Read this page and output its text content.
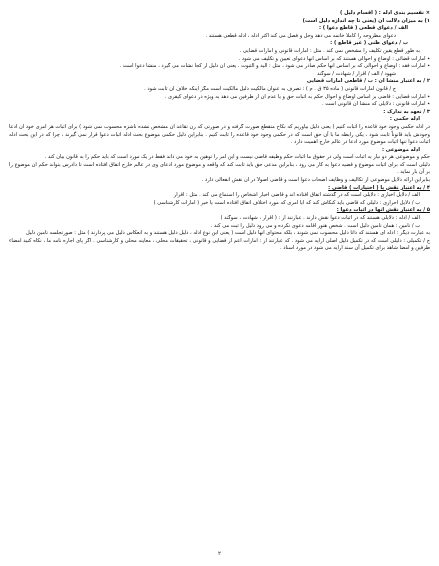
× تقسیم بندی ادله : ( اقسام دلیل )
۱) به میزان دلالت آن (یعنی تا چه اندازه دلیل است)
الف / دعوای قطعی ( قاطع دعوا ) :
دعوای مطروحه را کاملا خاتمه می دهد وحل و فصل می کند اکثر ادله ، ادله قطعی هستند .
ب / دعوای ظنی ( غیر قاطع ) :
به طور قطع یقین تکلیف را مشخص نمی کند . مثل : امارات قانونی و امارات قضایی .
٭ امارات قضائی : اوضاع و احوالی هستند که بر اساس آنها دعوای تعیین و تکلیف می شود .
٭ امارات فقه : اوضاع و احوالی که بر اساس آنها حکم صادر می شود ، مثل : الید و الثبوت . یعنی آن دلیل از کجا نشأت می گیرد ، منشأ دعوا است .
شهود / الف / اقرار / شهادت / سوگند
۲ / به اعتبار منشأ آن : ب / قاطعی امارات قضایی
ج / قانون امارات قانونی ( ماده ۳۵ ق . م ) : تصرف به عنوان مالکیت دلیل مالکیت است مگر اینکه خلاف آن ثابت شود .
٭ امارات قضایی : قاضی بر اساس اوضاع و احوال حکم به اثبات حق و یا عدم آن از طرفین می دهد به ویژه در دعوای کیفری .
٭ امارات قانونی : دلایلی که منشأ آن قانونی است .
۳ / تعهد به تدارک :
ادله حکمی :
در ادله حکمی وجود خود قاعده را اثبات کنیم ( یعنی دلیل بیاوریم که نکاح منقطع صورت گرفته و در صورتی که زن تقاعد آن مشخص نشده ناشزه محسوب نمی شود ) برای اثبات هر امری خود آن ادعا وجودش باید قانوناً ثابت شود ، یکی رابطه ما با آن حق است که در حکمی وجود خود قاعده را ثابت کنیم . بنابراین دلیل حکمی موضوع بحث ادله اثبات دعوا قرار نمی گیرند ، چرا که در این بحث ادله اثبات دعوا تنها اثبات موضوع مورد ادعا در عالم خارج اهمیت دارد .
ادله موضوعی :
حکم و موضوعی هر دو نیاز به اثبات است ولی در حقوق ما اثبات حکم وظیفه قاضی نیست و این امر را توهین به خود می داند فقط در یک مورد است که باید حکم را به قانون بیان کند .
دلیلی است که برای اثبات موضوع و قضیه دعوا به کار می رود ، بنابراین مدعی حق باید ثابت کند که واقعه و موضوع مورد ادعای وی در عالم خارج اتفاق افتاده است تا دادرس بتواند حکم آن موضوع را بر آن بار نماید .
بنابراین ارائه دلایل موضوعی از تکالیف و وظایف اصحاب دعوا است و قاضی اصولاً در آن نقش انفعالی دارد .
۴ / به اعتبار نقش یا ( اختیارات ) قاضی :
الف / دلایل اخباری : دلایلی است که در گذشته اتفاق افتاده اند و قاضی اخبار اشخاص را استماع می کند . مثل : اقرار
ب / دلایل احرازی : دلیلی که قاضی باید کنکاش کند که آیا امری که مورد اختلاف اتفاق افتاده است یا خیر ( امارات کارشناسی )
۵ / به اعتبار نقش آنها در اثبات دعوا :
الف / ادله : دلایلی هستند که در اثبات دعوا نقش دارند . عبارتند از : ( اقرار ، شهادت ، سوگند )
ب / تأمین : همان تأمین دلیل است . شخص هنوز اقامه دعوی نکرده و می رود دلیل را ثبت می کند .
به عبارت دیگر : ادله ای هستند که ذاتاً دلیل محسوب نمی شوند ، بلکه محتوای آنها دلیل است ( یعنی این نوع ادله ، دلیل دلیل هستند و به انعکاس دلیل می پردازند ) مثل : صورتجلسه تأمین دلیل
ج / تکمیلی : دلیلی است که در تکمیل دلیل اصلی ارایه می شود . که عبارتند از : امارات اعم از قضایی و قانونی ، تحقیقات محلی ، معاینه محلی و کارشناسی . اگر پای اجاره نامه ما ، نکاه کنید امضاء طرفین و امضا شاهد برای تکمیل آن سند ارایه می شود در مورد اسناد .
۲
